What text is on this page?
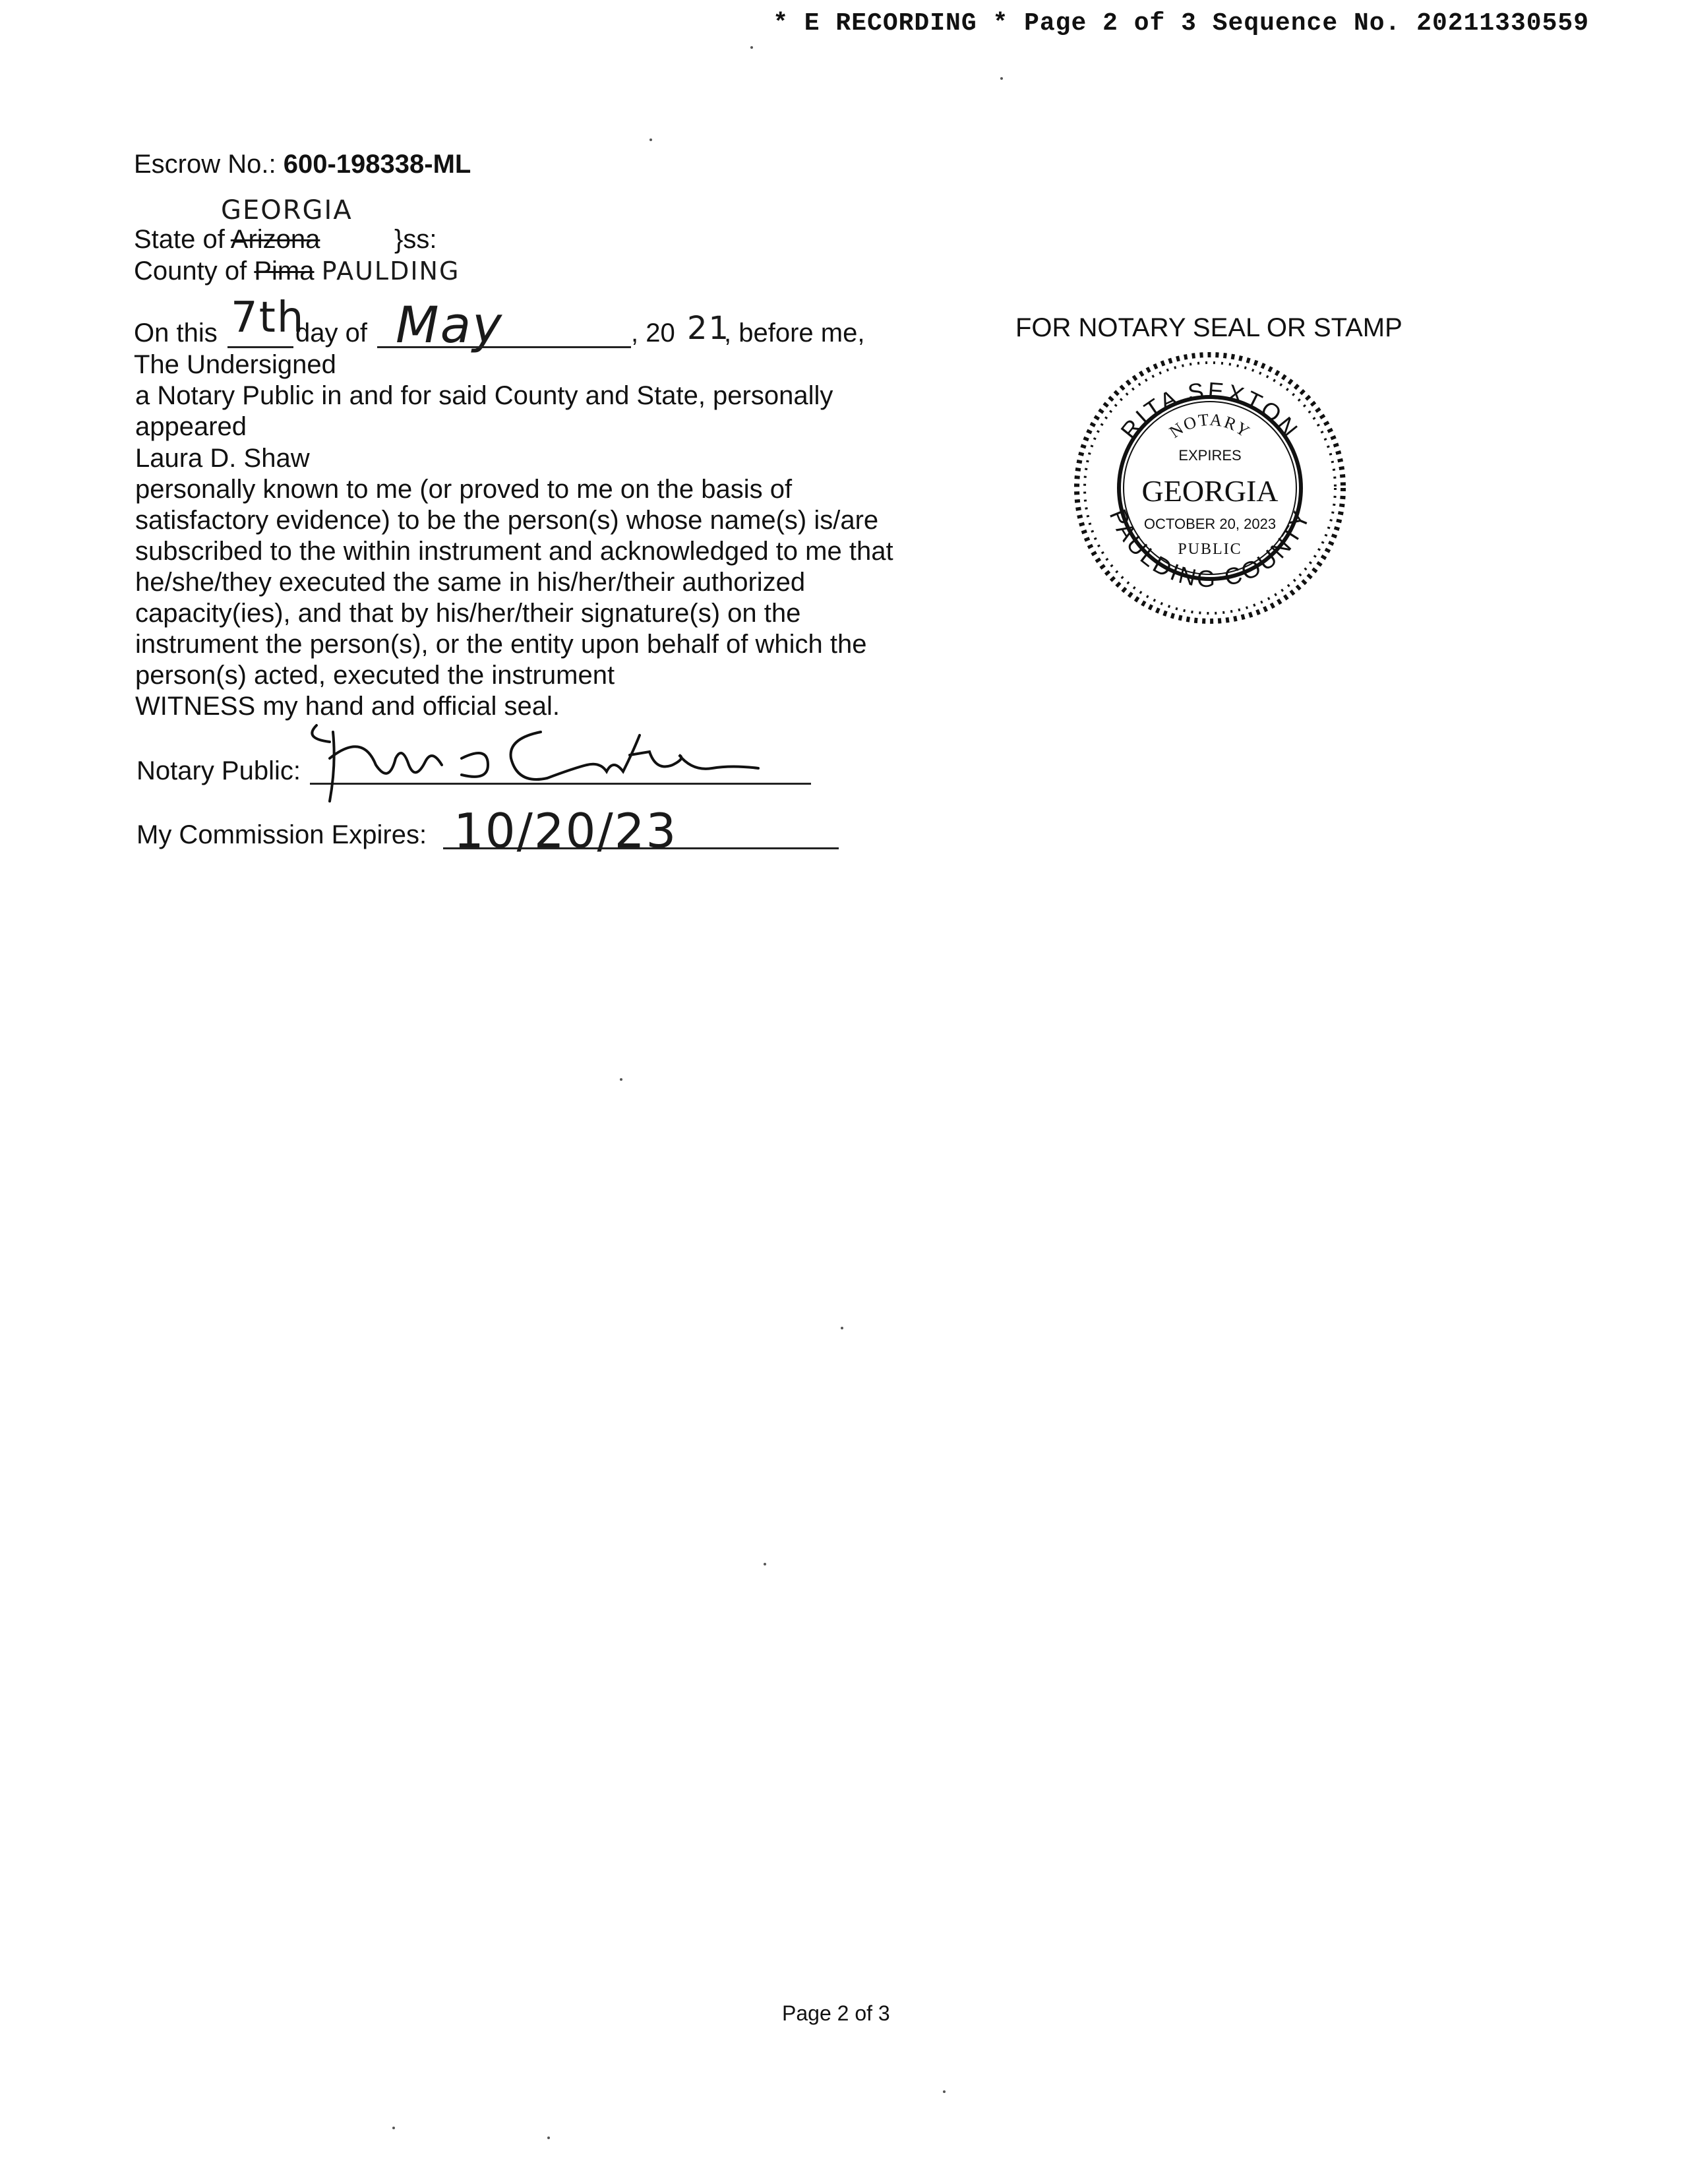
* E RECORDING * Page 2 of 3 Sequence No. 20211330559
Escrow No.: 600-198338-ML
GEORGIA
State of Arizona	}ss:
County of Pima PAULDING
On this 7th
day of May	, 20 21
, before me,
The Undersigned
a Notary Public in and for said County and State, personally
appeared
Laura D. Shaw
personally known to me (or proved to me on the basis of
satisfactory evidence) to be the person(s) whose name(s) is/are
subscribed to the within instrument and acknowledged to me that
he/she/they executed the same in his/her/their authorized
capacity(ies), and that by his/her/their signature(s) on the
instrument the person(s), or the entity upon behalf of which the
person(s) acted, executed the instrument
WITNESS my hand and official seal.
Notary Public:
My Commission Expires: 10/20/23
FOR NOTARY SEAL OR STAMP
RITA SEXTON
PAULDING COUNTY
NOTARY
EXPIRES
GEORGIA
OCTOBER 20, 2023
PUBLIC
Page 2 of 3
